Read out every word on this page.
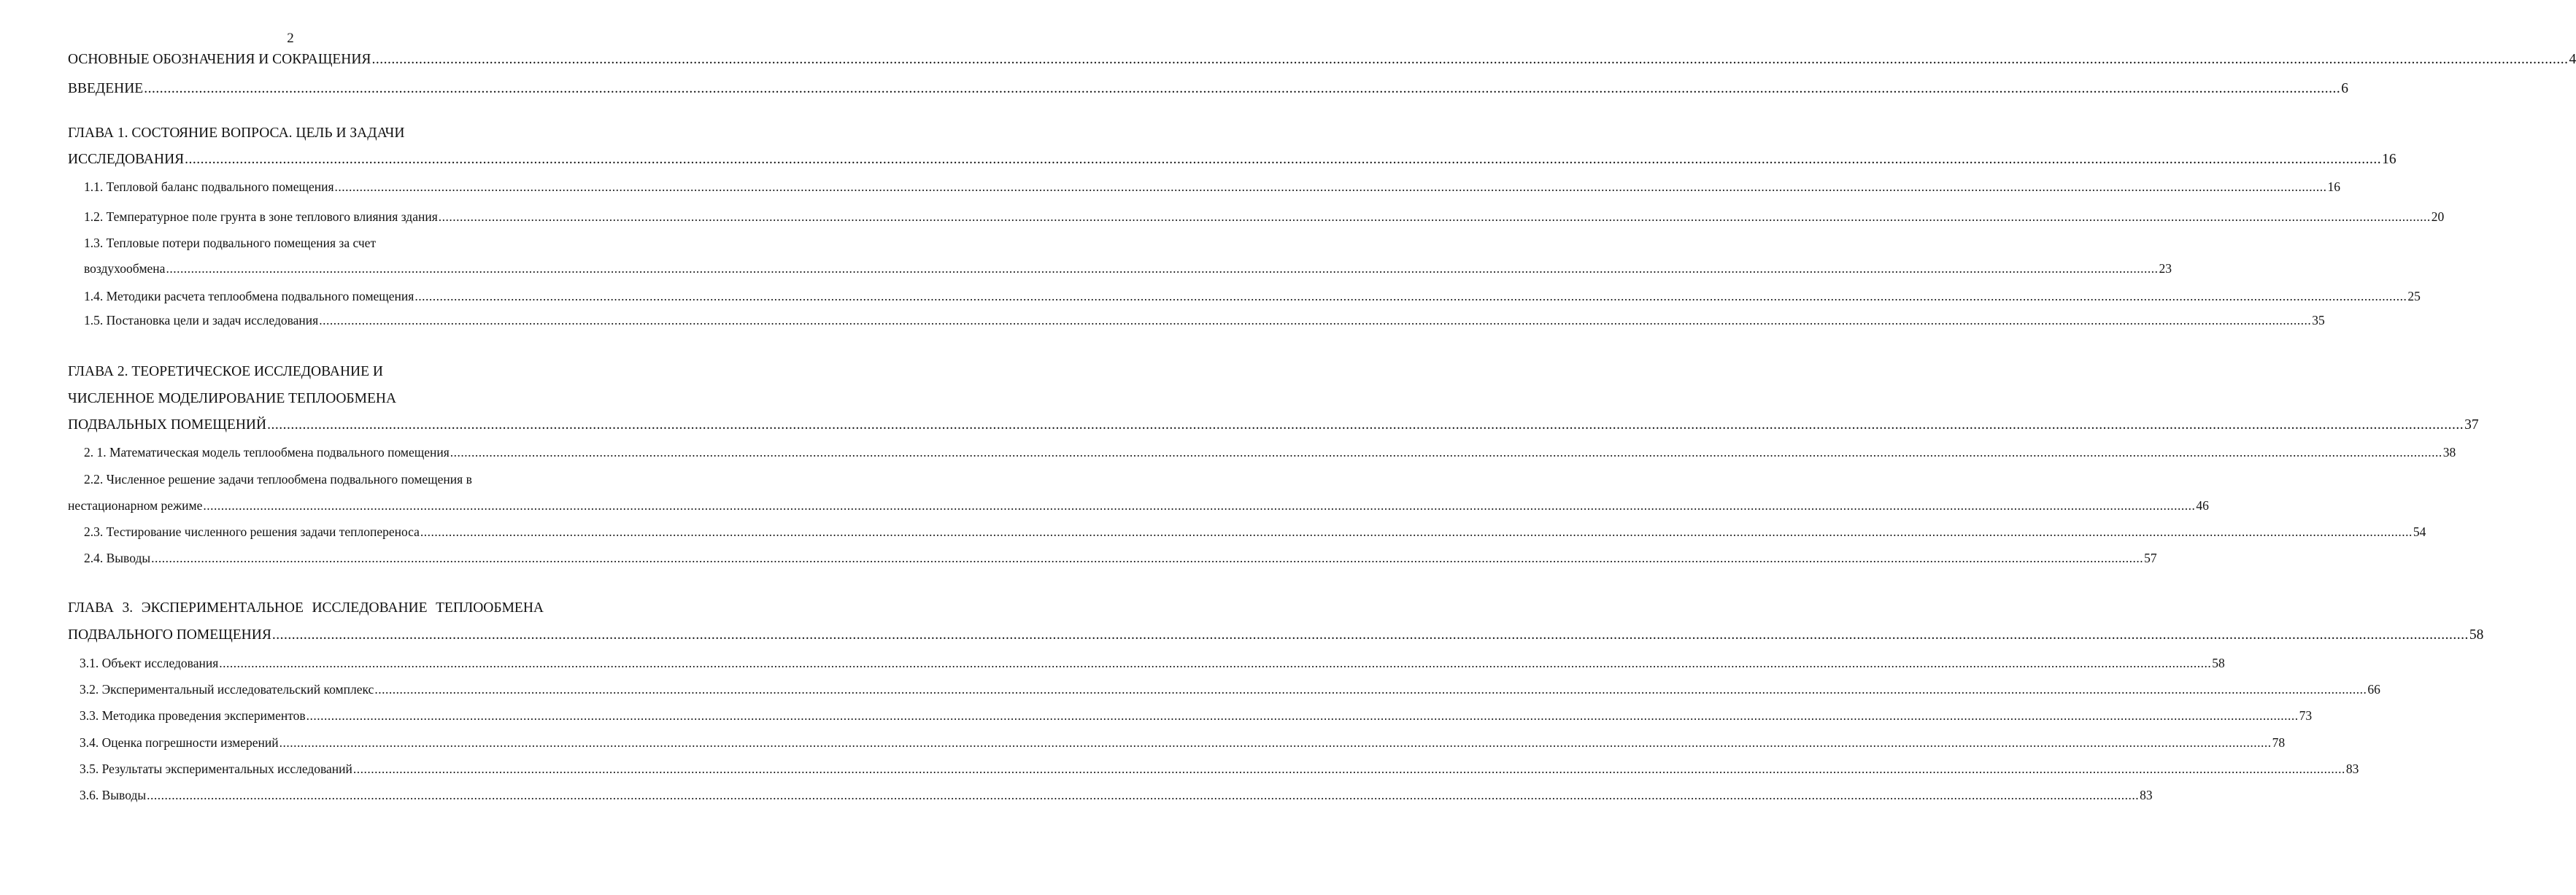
2
ОСНОВНЫЕ ОБОЗНАЧЕНИЯ И СОКРАЩЕНИЯ ................................................................................................................................................................................................................................................................................................................................................................................................................................................................................................................................................................................ 4
ВВЕДЕНИЕ ................................................................................................................................................................................................................................................................................................................................................................................................................................................................................................................................................................................ 6
ГЛАВА 1. СОСТОЯНИЕ ВОПРОСА. ЦЕЛЬ И ЗАДАЧИ
ИССЛЕДОВАНИЯ ................................................................................................................................................................................................................................................................................................................................................................................................................................................................................................................................................................................ 16
1.1. Тепловой баланс подвального помещения ................................................................................................................................................................................................................................................................................................................................................................................................................................................................................................................................................................................ 16
1.2. Температурное поле грунта в зоне теплового влияния здания ................................................................................................................................................................................................................................................................................................................................................................................................................................................................................................................................................................................ 20
1.3. Тепловые потери подвального помещения за счет
воздухообмена ................................................................................................................................................................................................................................................................................................................................................................................................................................................................................................................................................................................ 23
1.4. Методики расчета теплообмена подвального помещения ................................................................................................................................................................................................................................................................................................................................................................................................................................................................................................................................................................................ 25
1.5. Постановка цели и задач исследования ................................................................................................................................................................................................................................................................................................................................................................................................................................................................................................................................................................................ 35
ГЛАВА 2. ТЕОРЕТИЧЕСКОЕ ИССЛЕДОВАНИЕ И
ЧИСЛЕННОЕ МОДЕЛИРОВАНИЕ ТЕПЛООБМЕНА
ПОДВАЛЬНЫХ ПОМЕЩЕНИЙ ................................................................................................................................................................................................................................................................................................................................................................................................................................................................................................................................................................................ 37
2. 1. Математическая модель теплообмена подвального помещения ................................................................................................................................................................................................................................................................................................................................................................................................................................................................................................................................................................................ 38
2.2. Численное решение задачи теплообмена подвального помещения в
нестационарном режиме ................................................................................................................................................................................................................................................................................................................................................................................................................................................................................................................................................................................ 46
2.3. Тестирование численного решения задачи теплопереноса ................................................................................................................................................................................................................................................................................................................................................................................................................................................................................................................................................................................ 54
2.4. Выводы ................................................................................................................................................................................................................................................................................................................................................................................................................................................................................................................................................................................ 57
ГЛАВА 3. ЭКСПЕРИМЕНТАЛЬНОЕ ИССЛЕДОВАНИЕ ТЕПЛООБМЕНА
ПОДВАЛЬНОГО ПОМЕЩЕНИЯ ................................................................................................................................................................................................................................................................................................................................................................................................................................................................................................................................................................................ 58
3.1. Объект исследования ................................................................................................................................................................................................................................................................................................................................................................................................................................................................................................................................................................................ 58
3.2. Экспериментальный исследовательский комплекс ................................................................................................................................................................................................................................................................................................................................................................................................................................................................................................................................................................................ 66
3.3. Методика проведения экспериментов ................................................................................................................................................................................................................................................................................................................................................................................................................................................................................................................................................................................ 73
3.4. Оценка погрешности измерений ................................................................................................................................................................................................................................................................................................................................................................................................................................................................................................................................................................................ 78
3.5. Результаты экспериментальных исследований ................................................................................................................................................................................................................................................................................................................................................................................................................................................................................................................................................................................ 83
3.6. Выводы ................................................................................................................................................................................................................................................................................................................................................................................................................................................................................................................................................................................ 83
